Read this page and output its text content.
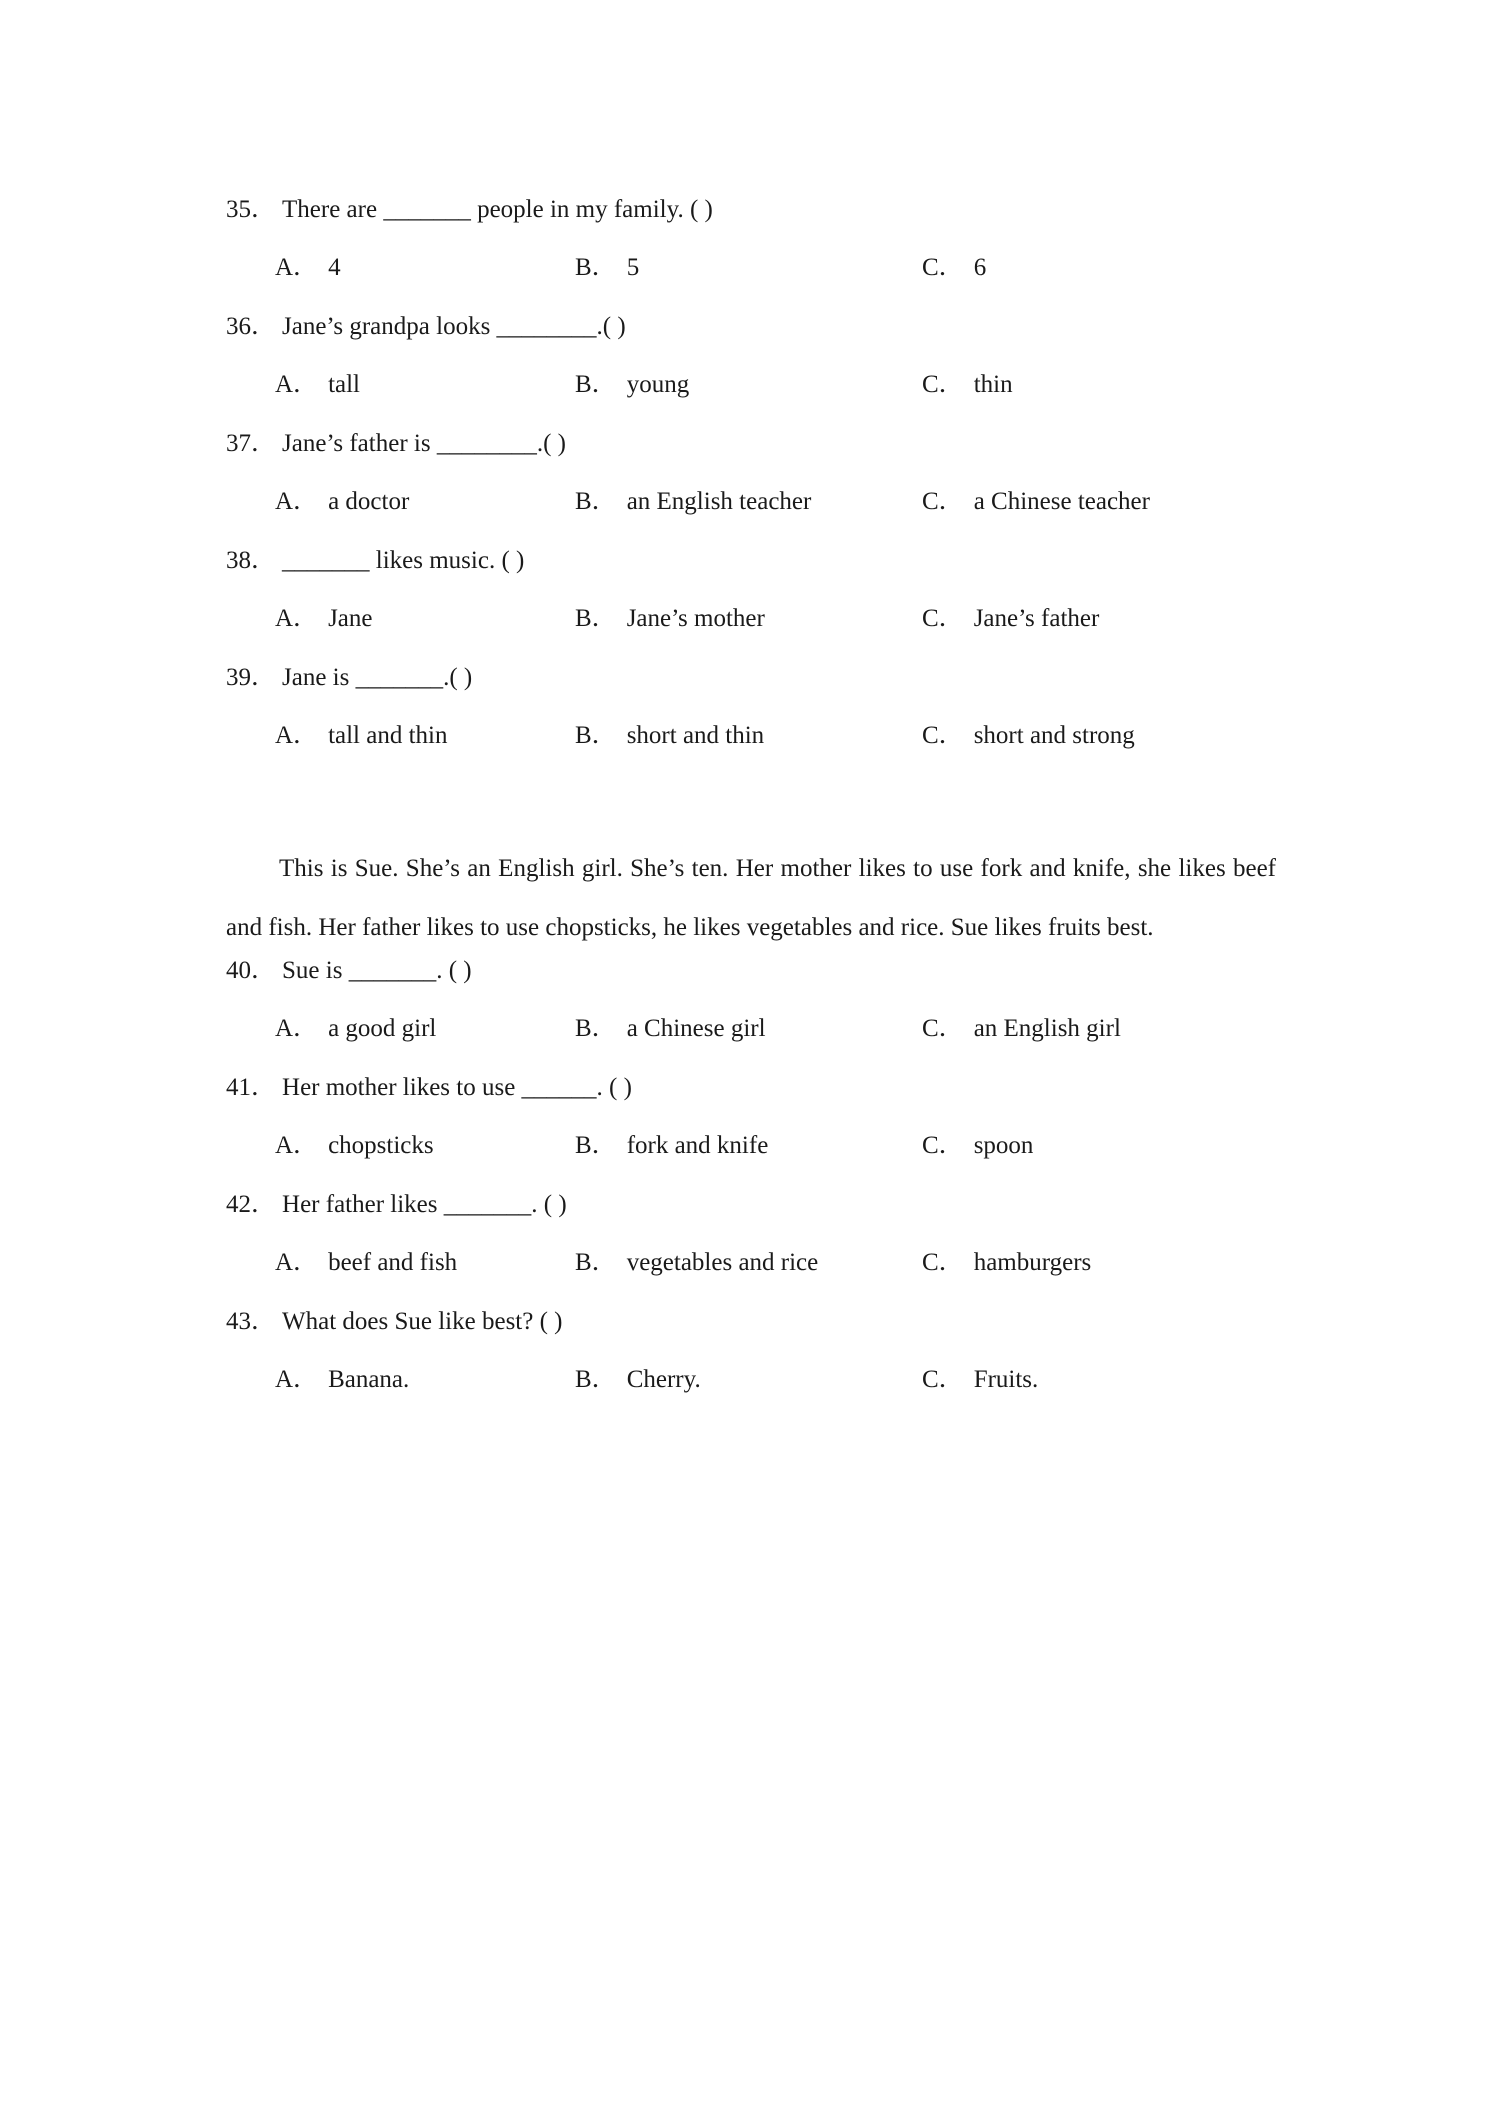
35． There are _______ people in my family. ( )
A． 4	B． 5	C． 6
36． Jane’s grandpa looks ________.( )
A． tall	B． young	C． thin
37． Jane’s father is ________.( )
A． a doctor	B． an English teacher	C． a Chinese teacher
38． _______ likes music. ( )
A． Jane	B． Jane’s mother	C． Jane’s father
39． Jane is _______.( )
A． tall and thin	B． short and thin	C． short and strong

This is Sue. She’s an English girl. She’s ten. Her mother likes to use fork and knife, she likes beef and fish. Her father likes to use chopsticks, he likes vegetables and rice. Sue likes fruits best.

40． Sue is _______. ( )
A． a good girl	B． a Chinese girl	C． an English girl
41． Her mother likes to use ______. ( )
A． chopsticks	B． fork and knife	C． spoon
42． Her father likes _______. ( )
A． beef and fish	B． vegetables and rice	C． hamburgers
43． What does Sue like best? ( )
A． Banana.	B． Cherry.	C． Fruits.
